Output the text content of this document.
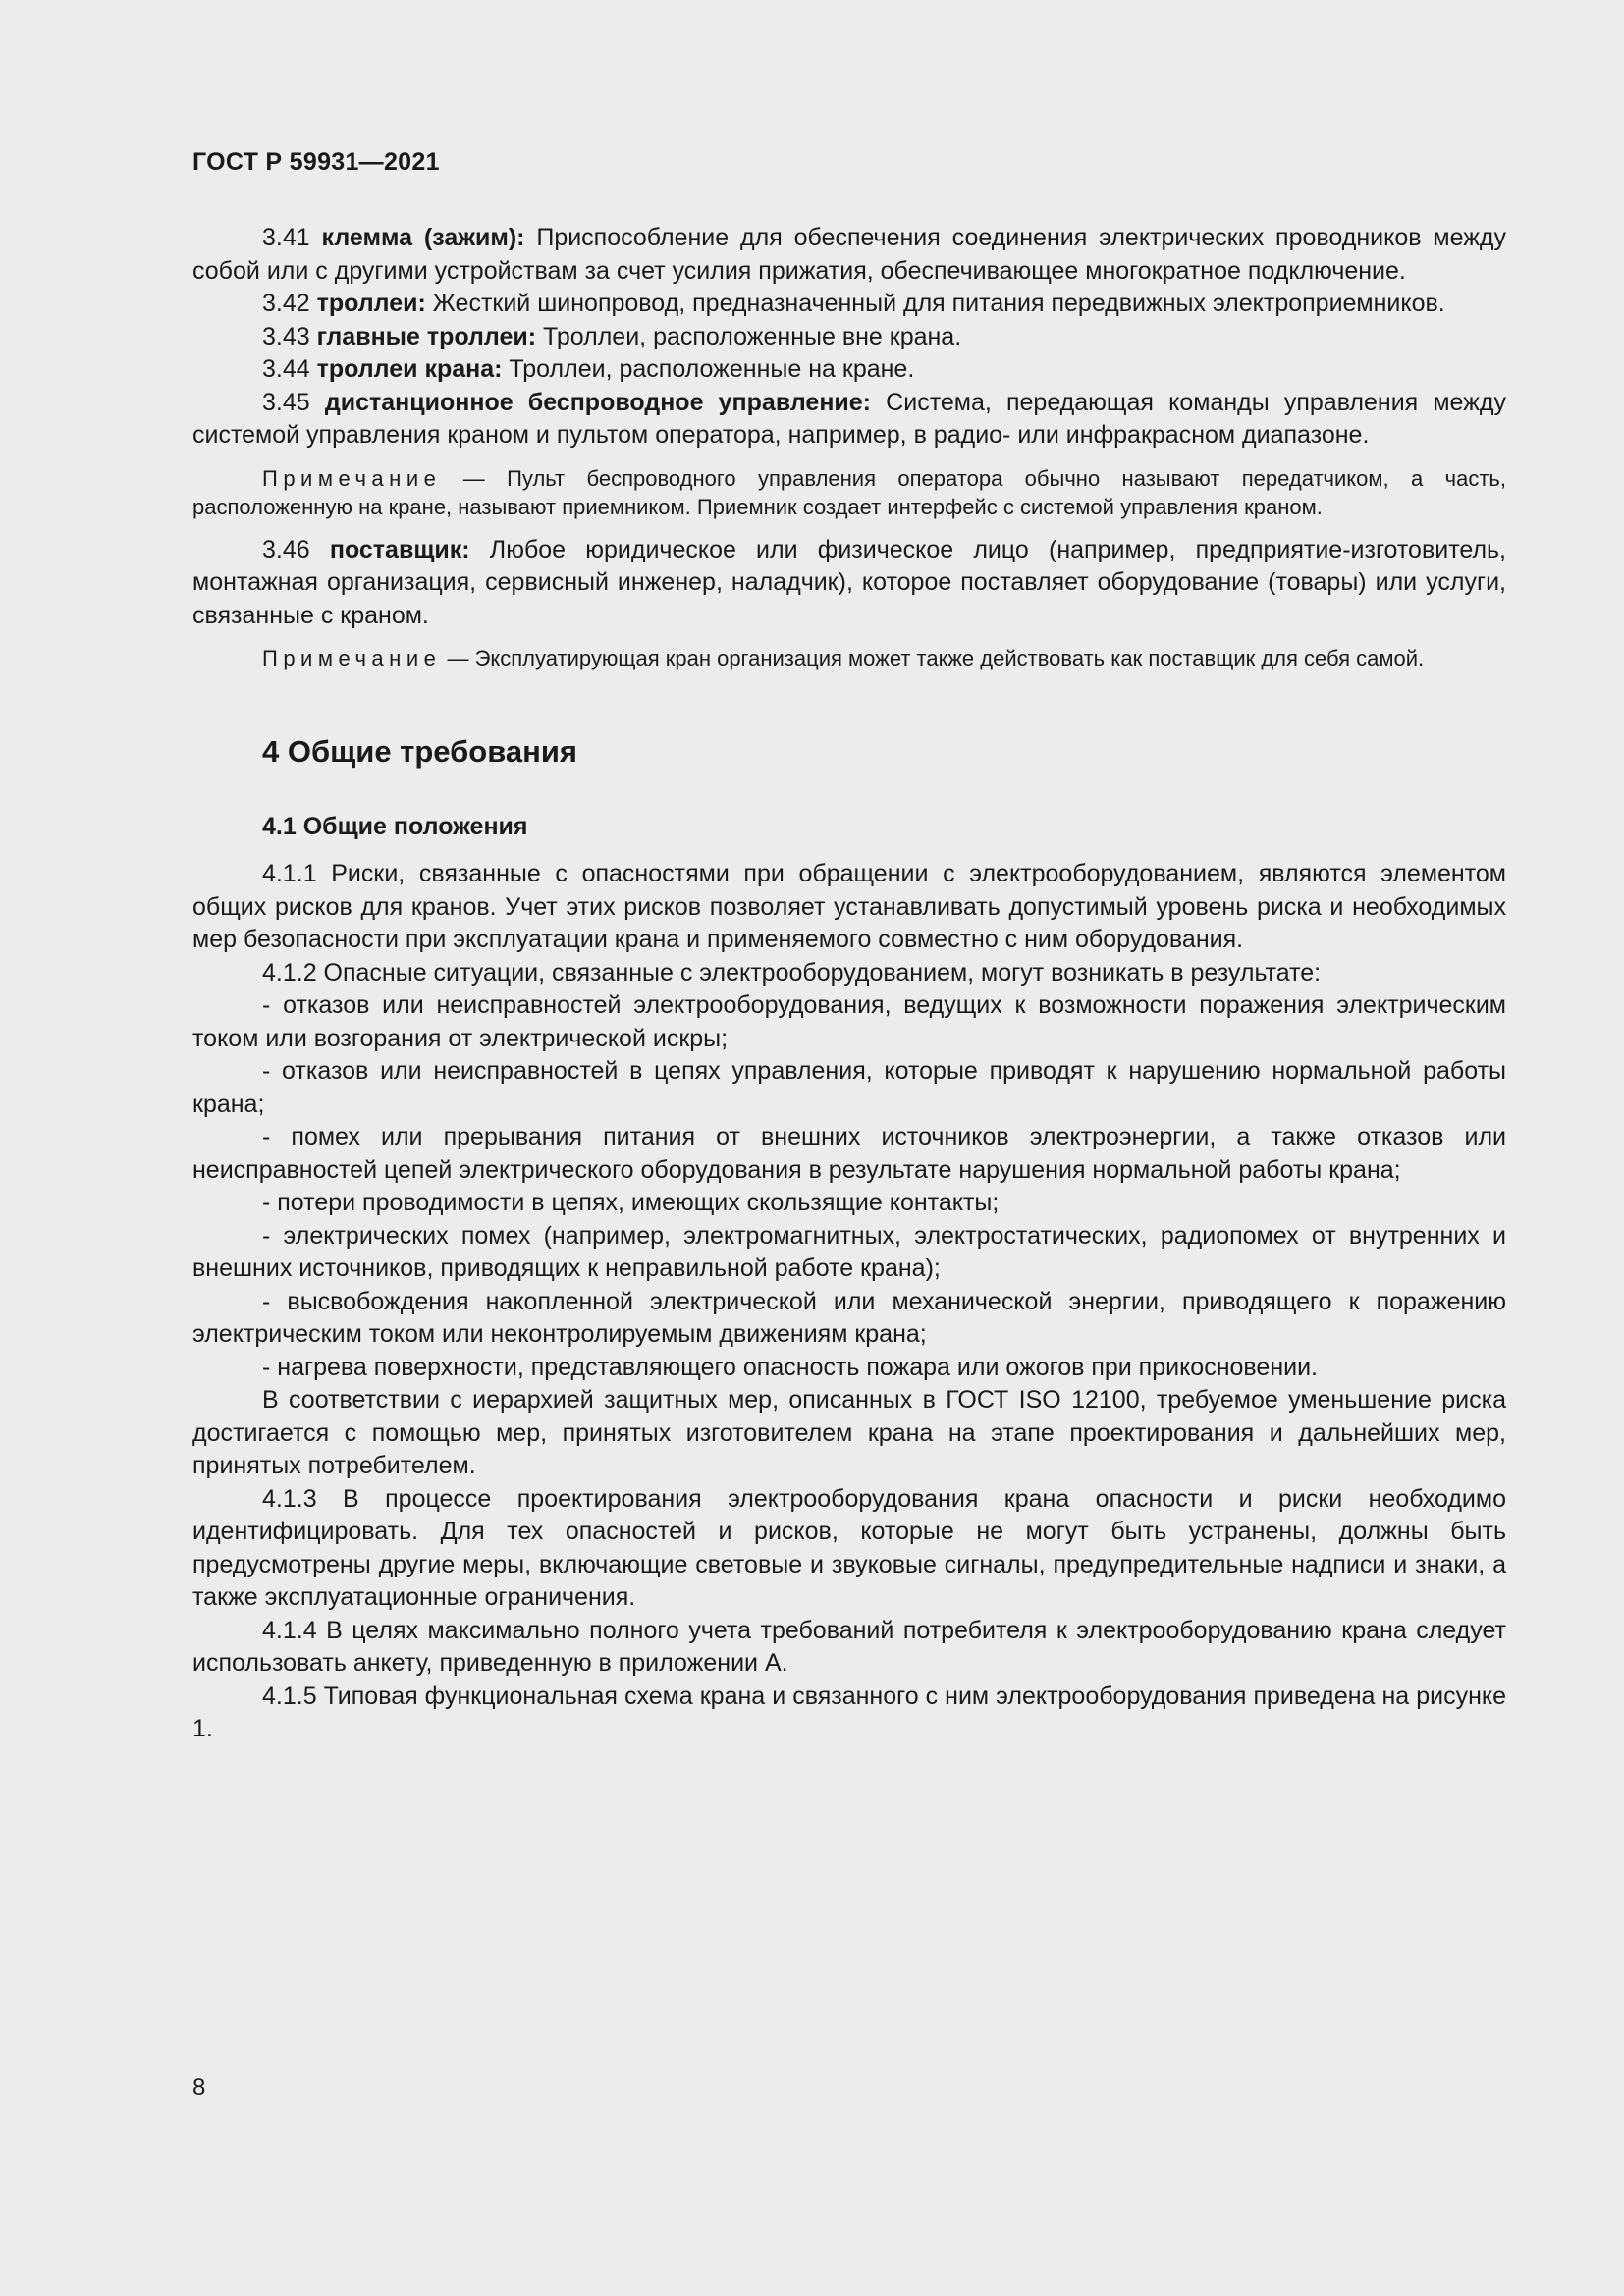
ГОСТ Р 59931—2021

3.41 клемма (зажим): Приспособление для обеспечения соединения электрических проводников между собой или с другими устройствам за счет усилия прижатия, обеспечивающее многократное подключение.

3.42 троллеи: Жесткий шинопровод, предназначенный для питания передвижных электроприемников.

3.43 главные троллеи: Троллеи, расположенные вне крана.

3.44 троллеи крана: Троллеи, расположенные на кране.

3.45 дистанционное беспроводное управление: Система, передающая команды управления между системой управления краном и пультом оператора, например, в радио- или инфракрасном диапазоне.

Примечание — Пульт беспроводного управления оператора обычно называют передатчиком, а часть, расположенную на кране, называют приемником. Приемник создает интерфейс с системой управления краном.

3.46 поставщик: Любое юридическое или физическое лицо (например, предприятие-изготовитель, монтажная организация, сервисный инженер, наладчик), которое поставляет оборудование (товары) или услуги, связанные с краном.

Примечание — Эксплуатирующая кран организация может также действовать как поставщик для себя самой.

4 Общие требования
4.1 Общие положения

4.1.1 Риски, связанные с опасностями при обращении с электрооборудованием, являются элементом общих рисков для кранов. Учет этих рисков позволяет устанавливать допустимый уровень риска и необходимых мер безопасности при эксплуатации крана и применяемого совместно с ним оборудования.

4.1.2 Опасные ситуации, связанные с электрооборудованием, могут возникать в результате:

- отказов или неисправностей электрооборудования, ведущих к возможности поражения электрическим током или возгорания от электрической искры;

- отказов или неисправностей в цепях управления, которые приводят к нарушению нормальной работы крана;

- помех или прерывания питания от внешних источников электроэнергии, а также отказов или неисправностей цепей электрического оборудования в результате нарушения нормальной работы крана;

- потери проводимости в цепях, имеющих скользящие контакты;

- электрических помех (например, электромагнитных, электростатических, радиопомех от внутренних и внешних источников, приводящих к неправильной работе крана);

- высвобождения накопленной электрической или механической энергии, приводящего к поражению электрическим током или неконтролируемым движениям крана;

- нагрева поверхности, представляющего опасность пожара или ожогов при прикосновении.

В соответствии с иерархией защитных мер, описанных в ГОСТ ISO 12100, требуемое уменьшение риска достигается с помощью мер, принятых изготовителем крана на этапе проектирования и дальнейших мер, принятых потребителем.

4.1.3 В процессе проектирования электрооборудования крана опасности и риски необходимо идентифицировать. Для тех опасностей и рисков, которые не могут быть устранены, должны быть предусмотрены другие меры, включающие световые и звуковые сигналы, предупредительные надписи и знаки, а также эксплуатационные ограничения.

4.1.4 В целях максимально полного учета требований потребителя к электрооборудованию крана следует использовать анкету, приведенную в приложении А.

4.1.5 Типовая функциональная схема крана и связанного с ним электрооборудования приведена на рисунке 1.

8
